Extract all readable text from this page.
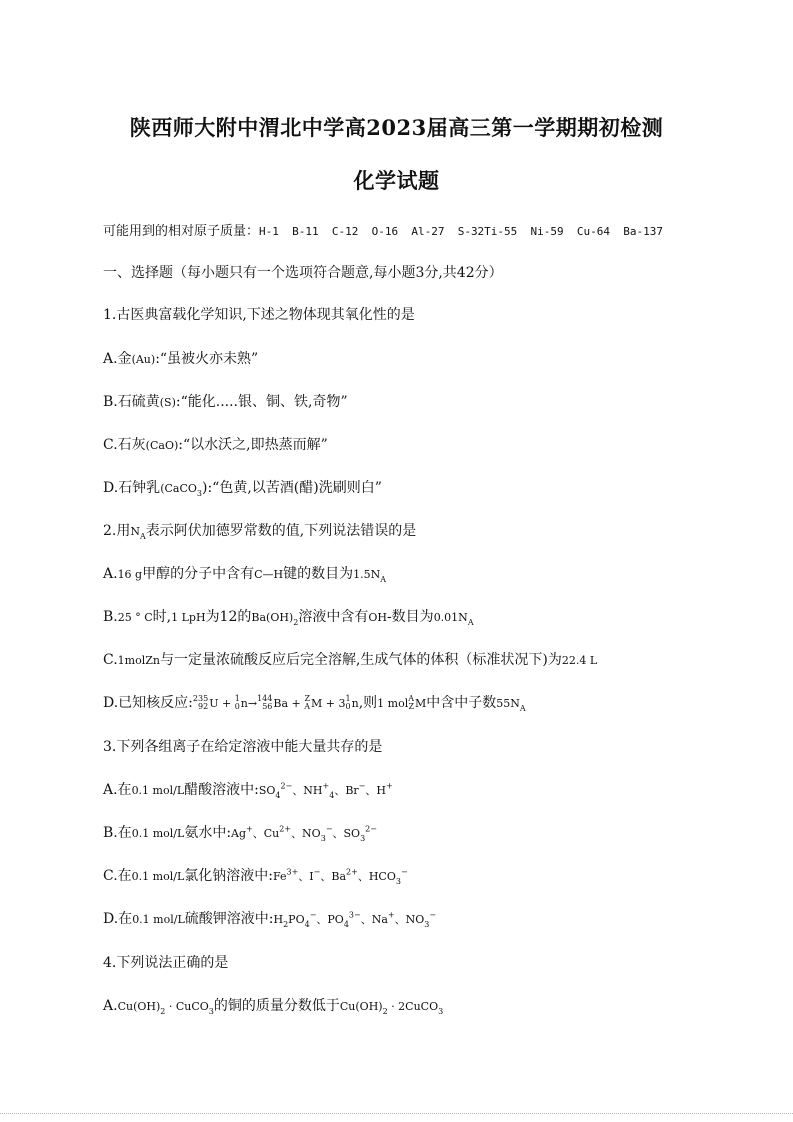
陕西师大附中渭北中学高2023届高三第一学期期初检测
化学试题
可能用到的相对原子质量：H-1  B-11  C-12  O-16  Al-27  S-32Ti-55  Ni-59  Cu-64  Ba-137
一、选择题（每小题只有一个选项符合题意,每小题3分,共42分）
1.古医典富载化学知识,下述之物体现其氧化性的是
A.金(Au):“虽被火亦未熟”
B.石硫黄(S):“能化.....银、铜、铁,奇物”
C.石灰(CaO):“以水沃之,即热蒸而解”
D.石钟乳(CaCO$_3$):“色黄,以苦酒(醋)洗刷则白”
2.用$N_A$表示阿伏加德罗常数的值,下列说法错误的是
A.16 g甲醇的分子中含有C—H键的数目为$1.5N_A$
B.25 ° C时,1 LpH为12的$Ba(OH)_2$溶液中含有OH-数目为$0.01N_A$
C.1molZn与一定量浓硫酸反应后完全溶解,生成气体的体积（标准状况下)为22.4 L
D.已知核反应:235
92U + 1
0n→144
56Ba + Z
AM + 31
0n,则1 molA
ZM中含中子数$55N_A$
3.下列各组离子在给定溶液中能大量共存的是
A.在0.1 mol/L醋酸溶液中$:SO_4^{2-}$、$NH^+_4$、Br−、H+
B.在0.1 mol/L氨水中:Ag+、$Cu^{2+}$、$NO_3^-$、$SO_3^{2-}$
C.在0.1 mol/L氯化钠溶液中$:Fe^{3+}$、I−、$Ba^{2+}$、$HCO_3^-$
D.在0.1 mol/L硫酸钾溶液中$:H_2PO_4^-$、$PO_4^{3-}$、Na+、$NO_3^-$
4.下列说法正确的是
$A.Cu(OH)_2$ · CuCO$_3$的铜的质量分数低于$Cu(OH)_2$ · 2CuCO$_3$
